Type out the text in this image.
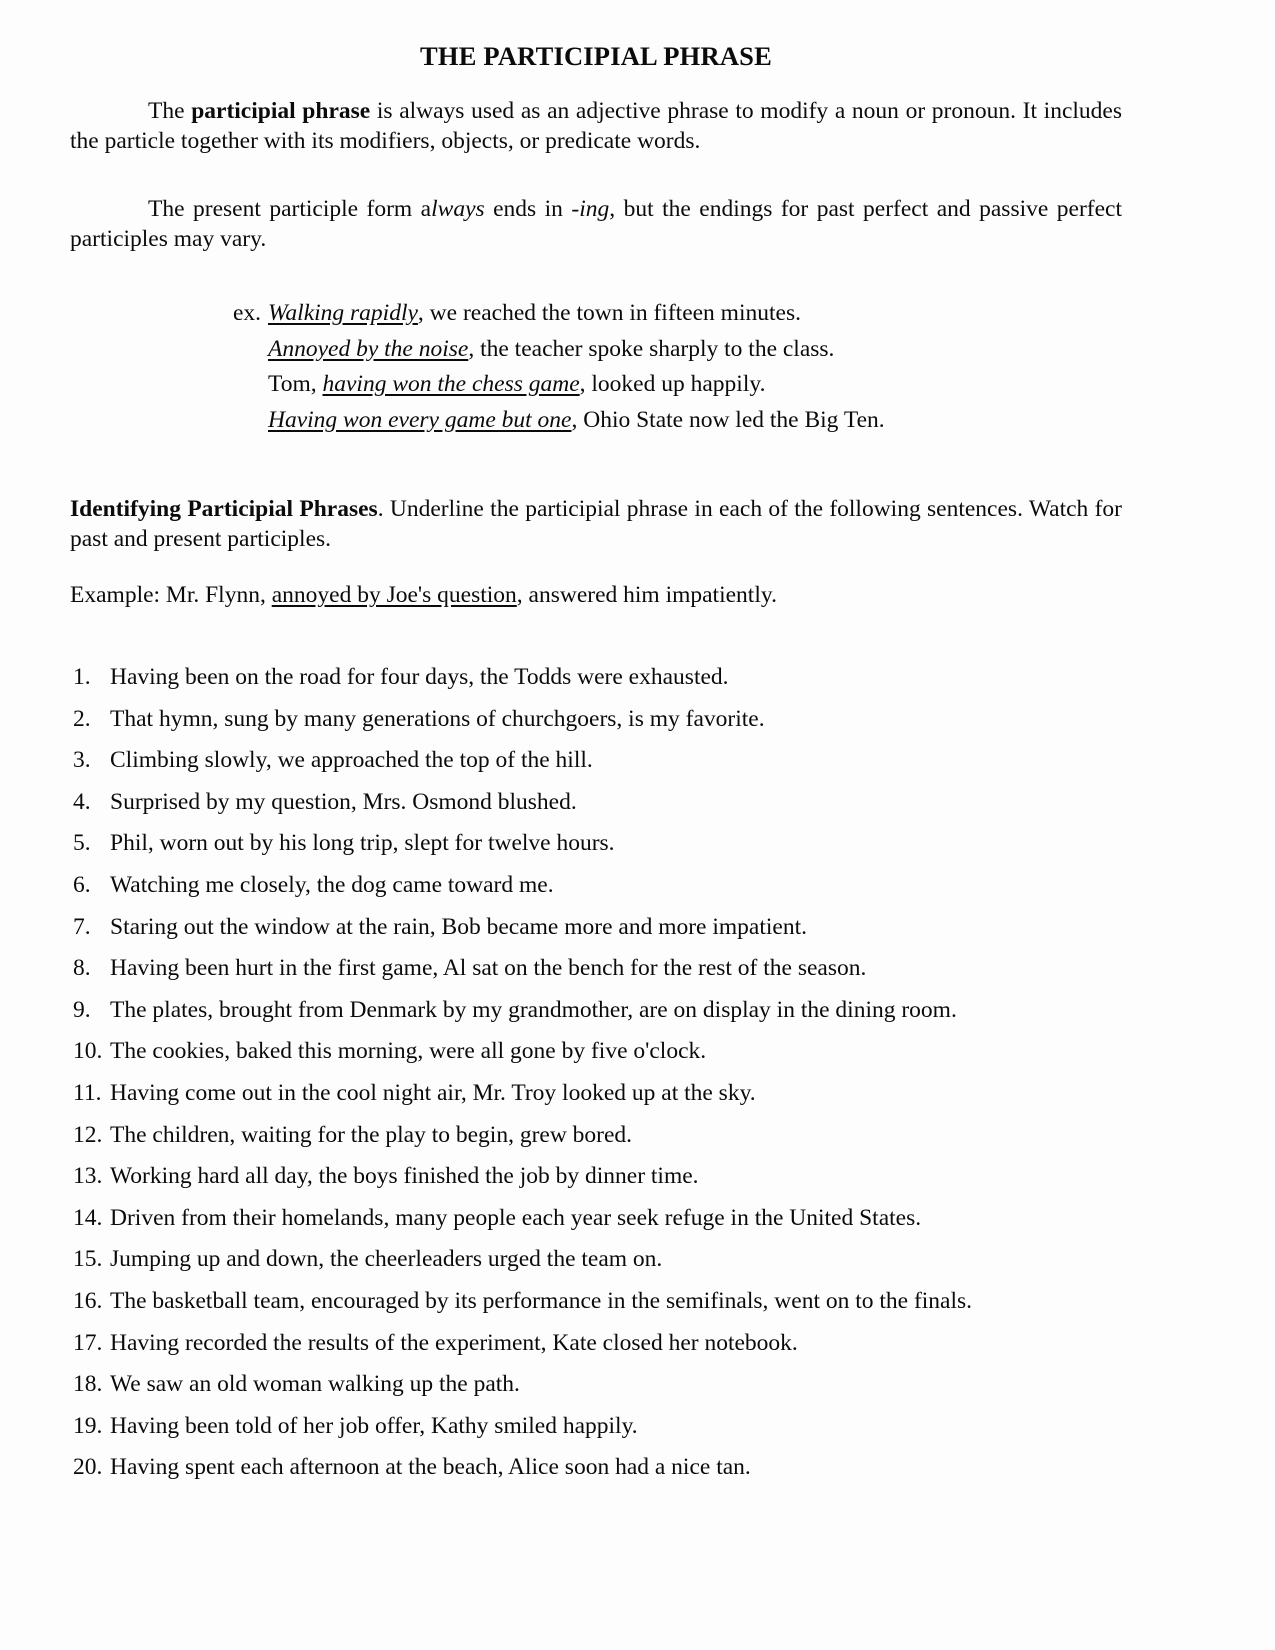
THE PARTICIPIAL PHRASE

The participial phrase is always used as an adjective phrase to modify a noun or pronoun. It includes the particle together with its modifiers, objects, or predicate words.

The present participle form always ends in -ing, but the endings for past perfect and passive perfect participles may vary.

ex. Walking rapidly, we reached the town in fifteen minutes.
Annoyed by the noise, the teacher spoke sharply to the class.
Tom, having won the chess game, looked up happily.
Having won every game but one, Ohio State now led the Big Ten.
Identifying Participial Phrases. Underline the participial phrase in each of the following sentences. Watch for past and present participles.
Example: Mr. Flynn, annoyed by Joe's question, answered him impatiently.
1. Having been on the road for four days, the Todds were exhausted.
2. That hymn, sung by many generations of churchgoers, is my favorite.
3. Climbing slowly, we approached the top of the hill.
4. Surprised by my question, Mrs. Osmond blushed.
5. Phil, worn out by his long trip, slept for twelve hours.
6. Watching me closely, the dog came toward me.
7. Staring out the window at the rain, Bob became more and more impatient.
8. Having been hurt in the first game, Al sat on the bench for the rest of the season.
9. The plates, brought from Denmark by my grandmother, are on display in the dining room.
10. The cookies, baked this morning, were all gone by five o'clock.
11. Having come out in the cool night air, Mr. Troy looked up at the sky.
12. The children, waiting for the play to begin, grew bored.
13. Working hard all day, the boys finished the job by dinner time.
14. Driven from their homelands, many people each year seek refuge in the United States.
15. Jumping up and down, the cheerleaders urged the team on.
16. The basketball team, encouraged by its performance in the semifinals, went on to the finals.
17. Having recorded the results of the experiment, Kate closed her notebook.
18. We saw an old woman walking up the path.
19. Having been told of her job offer, Kathy smiled happily.
20. Having spent each afternoon at the beach, Alice soon had a nice tan.
